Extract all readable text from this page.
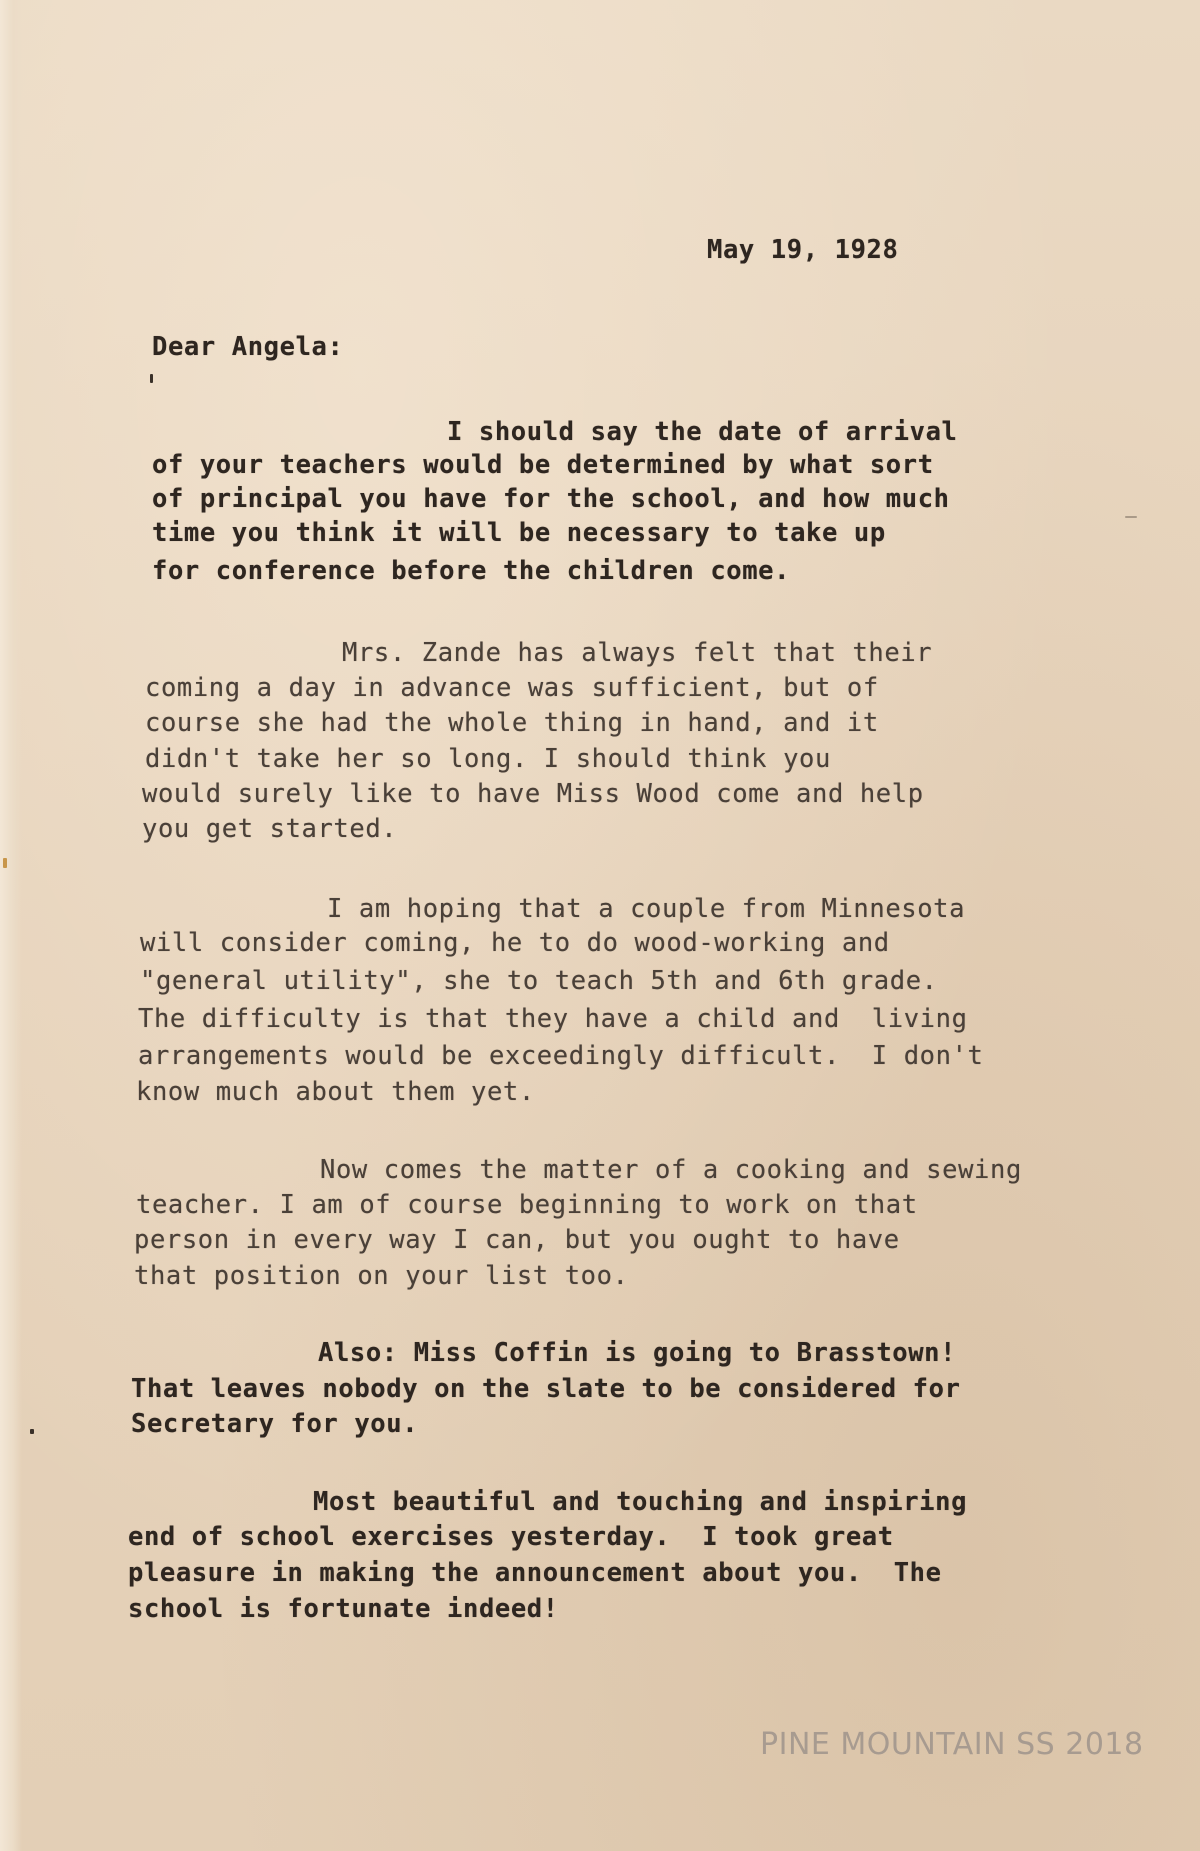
May 19, 1928
Dear Angela:
I should say the date of arrival
of your teachers would be determined by what sort
of principal you have for the school, and how much
time you think it will be necessary to take up
for conference before the children come.
Mrs. Zande has always felt that their
coming a day in advance was sufficient, but of
course she had the whole thing in hand, and it
didn't take her so long. I should think you
would surely like to have Miss Wood come and help
you get started.
I am hoping that a couple from Minnesota
will consider coming, he to do wood-working and
"general utility", she to teach 5th and 6th grade.
The difficulty is that they have a child and  living
arrangements would be exceedingly difficult.  I don't
know much about them yet.
Now comes the matter of a cooking and sewing
teacher. I am of course beginning to work on that
person in every way I can, but you ought to have
that position on your list too.
Also: Miss Coffin is going to Brasstown!
That leaves nobody on the slate to be considered for
Secretary for you.
Most beautiful and touching and inspiring
end of school exercises yesterday.  I took great
pleasure in making the announcement about you.  The
school is fortunate indeed!
PINE MOUNTAIN SS 2018
